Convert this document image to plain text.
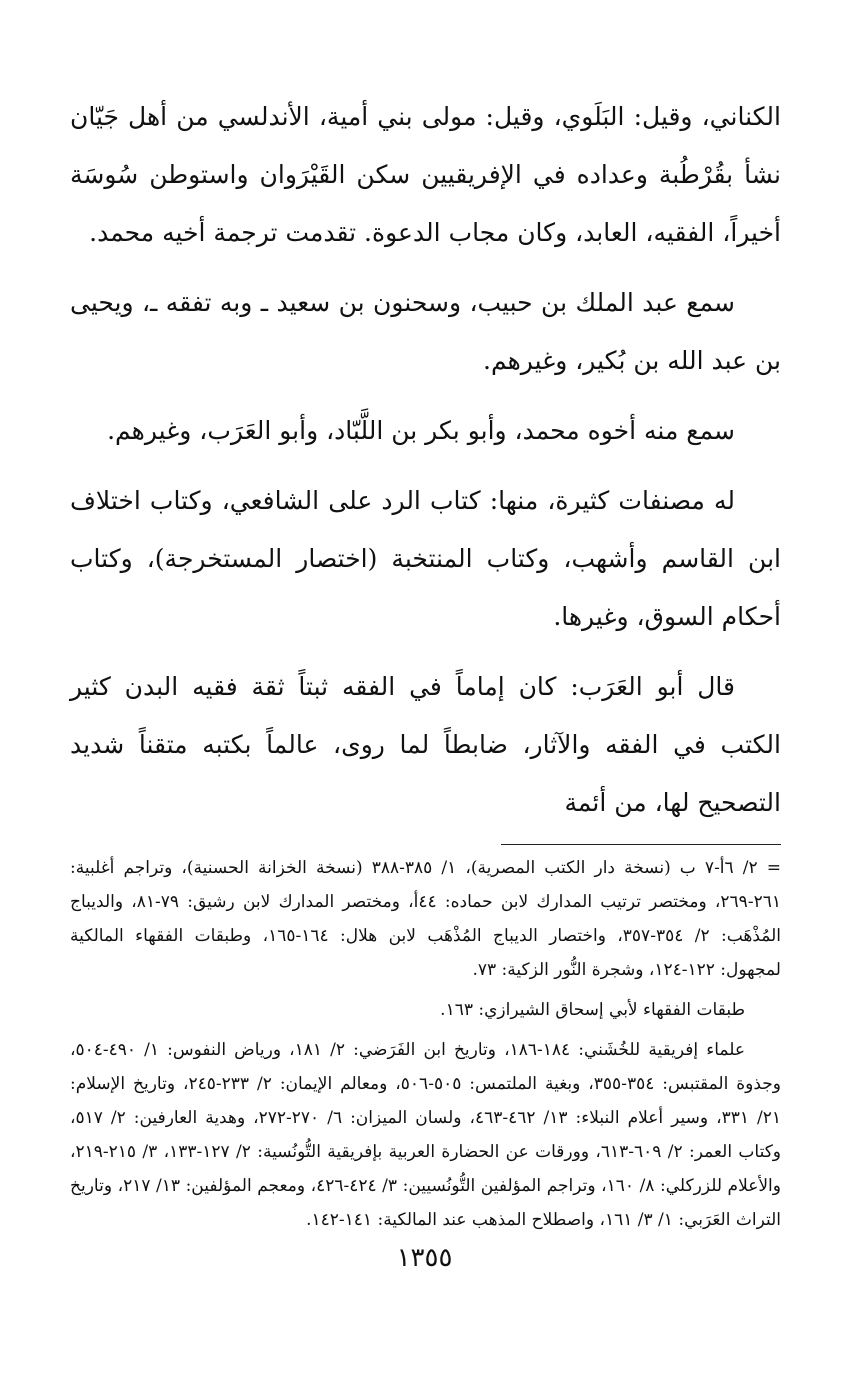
الكناني، وقيل: البَلَوي، وقيل: مولى بني أمية، الأندلسي من أهل جَيّان نشأ بقُرْطُبة وعداده في الإفريقيين سكن القَيْرَوان واستوطن سُوسَة أخيراً، الفقيه، العابد، وكان مجاب الدعوة. تقدمت ترجمة أخيه محمد.

سمع عبد الملك بن حبيب، وسحنون بن سعيد ـ وبه تفقه ـ، ويحيى بن عبد الله بن بُكير، وغيرهم.

سمع منه أخوه محمد، وأبو بكر بن اللَّبّاد، وأبو العَرَب، وغيرهم.

له مصنفات كثيرة، منها: كتاب الرد على الشافعي، وكتاب اختلاف ابن القاسم وأشهب، وكتاب المنتخبة (اختصار المستخرجة)، وكتاب أحكام السوق، وغيرها.

قال أبو العَرَب: كان إماماً في الفقه ثبتاً ثقة فقيه البدن كثير الكتب في الفقه والآثار، ضابطاً لما روى، عالماً بكتبه متقناً شديد التصحيح لها، من أئمة

= ٢/ ٦أ-٧ ب (نسخة دار الكتب المصرية)، ١/ ٣٨٥-٣٨٨ (نسخة الخزانة الحسنية)، وتراجم أغلبية: ٢٦١-٢٦٩، ومختصر ترتيب المدارك لابن حماده: ٤٤أ، ومختصر المدارك لابن رشيق: ٧٩-٨١، والديباج المُذْهَب: ٢/ ٣٥٤-٣٥٧، واختصار الديباج المُذْهَب لابن هلال: ١٦٤-١٦٥، وطبقات الفقهاء المالكية لمجهول: ١٢٢-١٢٤، وشجرة النُّور الزكية: ٧٣.

طبقات الفقهاء لأبي إسحاق الشيرازي: ١٦٣.

علماء إفريقية للخُشَني: ١٨٤-١٨٦، وتاريخ ابن الفَرَضي: ٢/ ١٨١، ورياض النفوس: ١/ ٤٩٠-٥٠٤، وجذوة المقتبس: ٣٥٤-٣٥٥، وبغية الملتمس: ٥٠٥-٥٠٦، ومعالم الإيمان: ٢/ ٢٣٣-٢٤٥، وتاريخ الإسلام: ٢١/ ٣٣١، وسير أعلام النبلاء: ١٣/ ٤٦٢-٤٦٣، ولسان الميزان: ٦/ ٢٧٠-٢٧٢، وهدية العارفين: ٢/ ٥١٧، وكتاب العمر: ٢/ ٦٠٩-٦١٣، وورقات عن الحضارة العربية بإفريقية التُّونُسية: ٢/ ١٢٧-١٣٣، ٣/ ٢١٥-٢١٩، والأعلام للزركلي: ٨/ ١٦٠، وتراجم المؤلفين التُّونُسيين: ٣/ ٤٢٤-٤٢٦، ومعجم المؤلفين: ١٣/ ٢١٧، وتاريخ التراث العَرَبي: ١/ ٣/ ١٦١، واصطلاح المذهب عند المالكية: ١٤١-١٤٢.

١٣٥٥
